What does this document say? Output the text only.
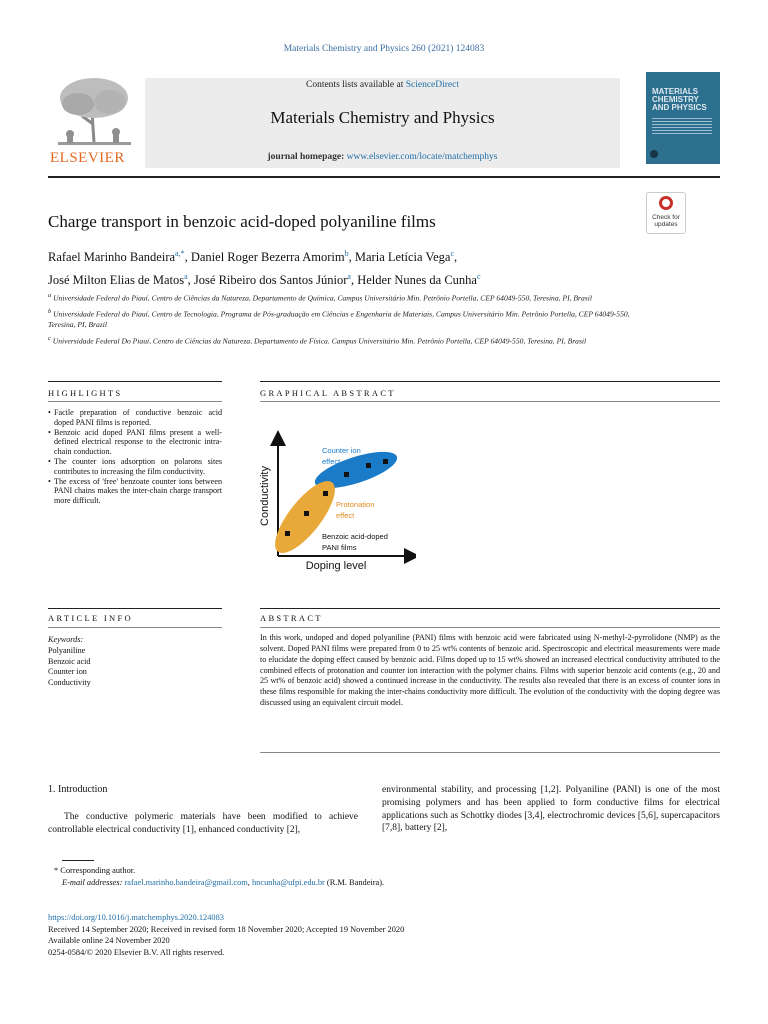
Materials Chemistry and Physics 260 (2021) 124083
ELSEVIER
Contents lists available at ScienceDirect
Materials Chemistry and Physics
journal homepage: www.elsevier.com/locate/matchemphys
MATERIALS CHEMISTRY AND PHYSICS
Charge transport in benzoic acid-doped polyaniline films	Check for updates
Rafael Marinho Bandeira$^{a,*}$, Daniel Roger Bezerra Amorim$^b$, Maria Letícia Vega$^c$,
José Milton Elias de Matos$^a$, José Ribeiro dos Santos Júnior$^a$, Helder Nunes da Cunha$^c$

$^a$ Universidade Federal do Piauí, Centro de Ciências da Natureza, Departamento de Química, Campus Universitário Min. Petrônio Portella, CEP 64049-550, Teresina, PI, Brasil

$^b$ Universidade Federal do Piauí, Centro de Tecnologia, Programa de Pós-graduação em Ciências e Engenharia de Materiais, Campus Universitário Min. Petrônio Portella, CEP 64049-550, Teresina, PI, Brazil

$^c$ Universidade Federal Do Piauí, Centro de Ciências da Natureza, Departamento de Física. Campus Universitário Min. Petrônio Portella, CEP 64049-550, Teresina, PI, Brasil

HIGHLIGHTS
• Facile preparation of conductive benzoic acid doped PANI films is reported.
• Benzoic acid doped PANI films present a well-defined electrical response to the electronic intra-chain conduction.
• The counter ions adsorption on polarons sites contributes to increasing the film conductivity.
• The excess of 'free' benzoate counter ions between PANI chains makes the inter-chain charge transport more difficult.
GRAPHICAL ABSTRACT
Conductivity
Doping level
Counter ion
effect
Protonation
effect
Benzoic acid-doped
PANI films
ARTICLE INFO
Keywords:
Polyaniline
Benzoic acid
Counter ion
Conductivity
ABSTRACT
In this work, undoped and doped polyaniline (PANI) films with benzoic acid were fabricated using N-methyl-2-pyrrolidone (NMP) as the solvent. Doped PANI films were prepared from 0 to 25 wt% contents of benzoic acid. Spectroscopic and electrical measurements were made to elucidate the doping effect caused by benzoic acid. Films doped up to 15 wt% showed an increased electrical conductivity attributed to the combined effects of protonation and counter ion interaction with the polymer chains. Films with superior benzoic acid contents (e.g., 20 and 25 wt% of benzoic acid) showed a continued increase in the conductivity. The results also revealed that there is an excess of counter ions in these films responsible for making the inter-chains conductivity more difficult. The evolution of the conductivity with the doping degree was discussed using an equivalent circuit model.
1. Introduction
The conductive polymeric materials have been modified to achieve controllable electrical conductivity [1], enhanced conductivity [2],
environmental stability, and processing [1,2]. Polyaniline (PANI) is one of the most promising polymers and has been applied to form conductive films for electrical applications such as Schottky diodes [3,4], electrochromic devices [5,6], supercapacitors [7,8], battery [2],
* Corresponding author.
E-mail addresses: rafael.marinho.bandeira@gmail.com, hncunha@ufpi.edu.br (R.M. Bandeira).
https://doi.org/10.1016/j.matchemphys.2020.124083
Received 14 September 2020; Received in revised form 18 November 2020; Accepted 19 November 2020
Available online 24 November 2020
0254-0584/© 2020 Elsevier B.V. All rights reserved.
